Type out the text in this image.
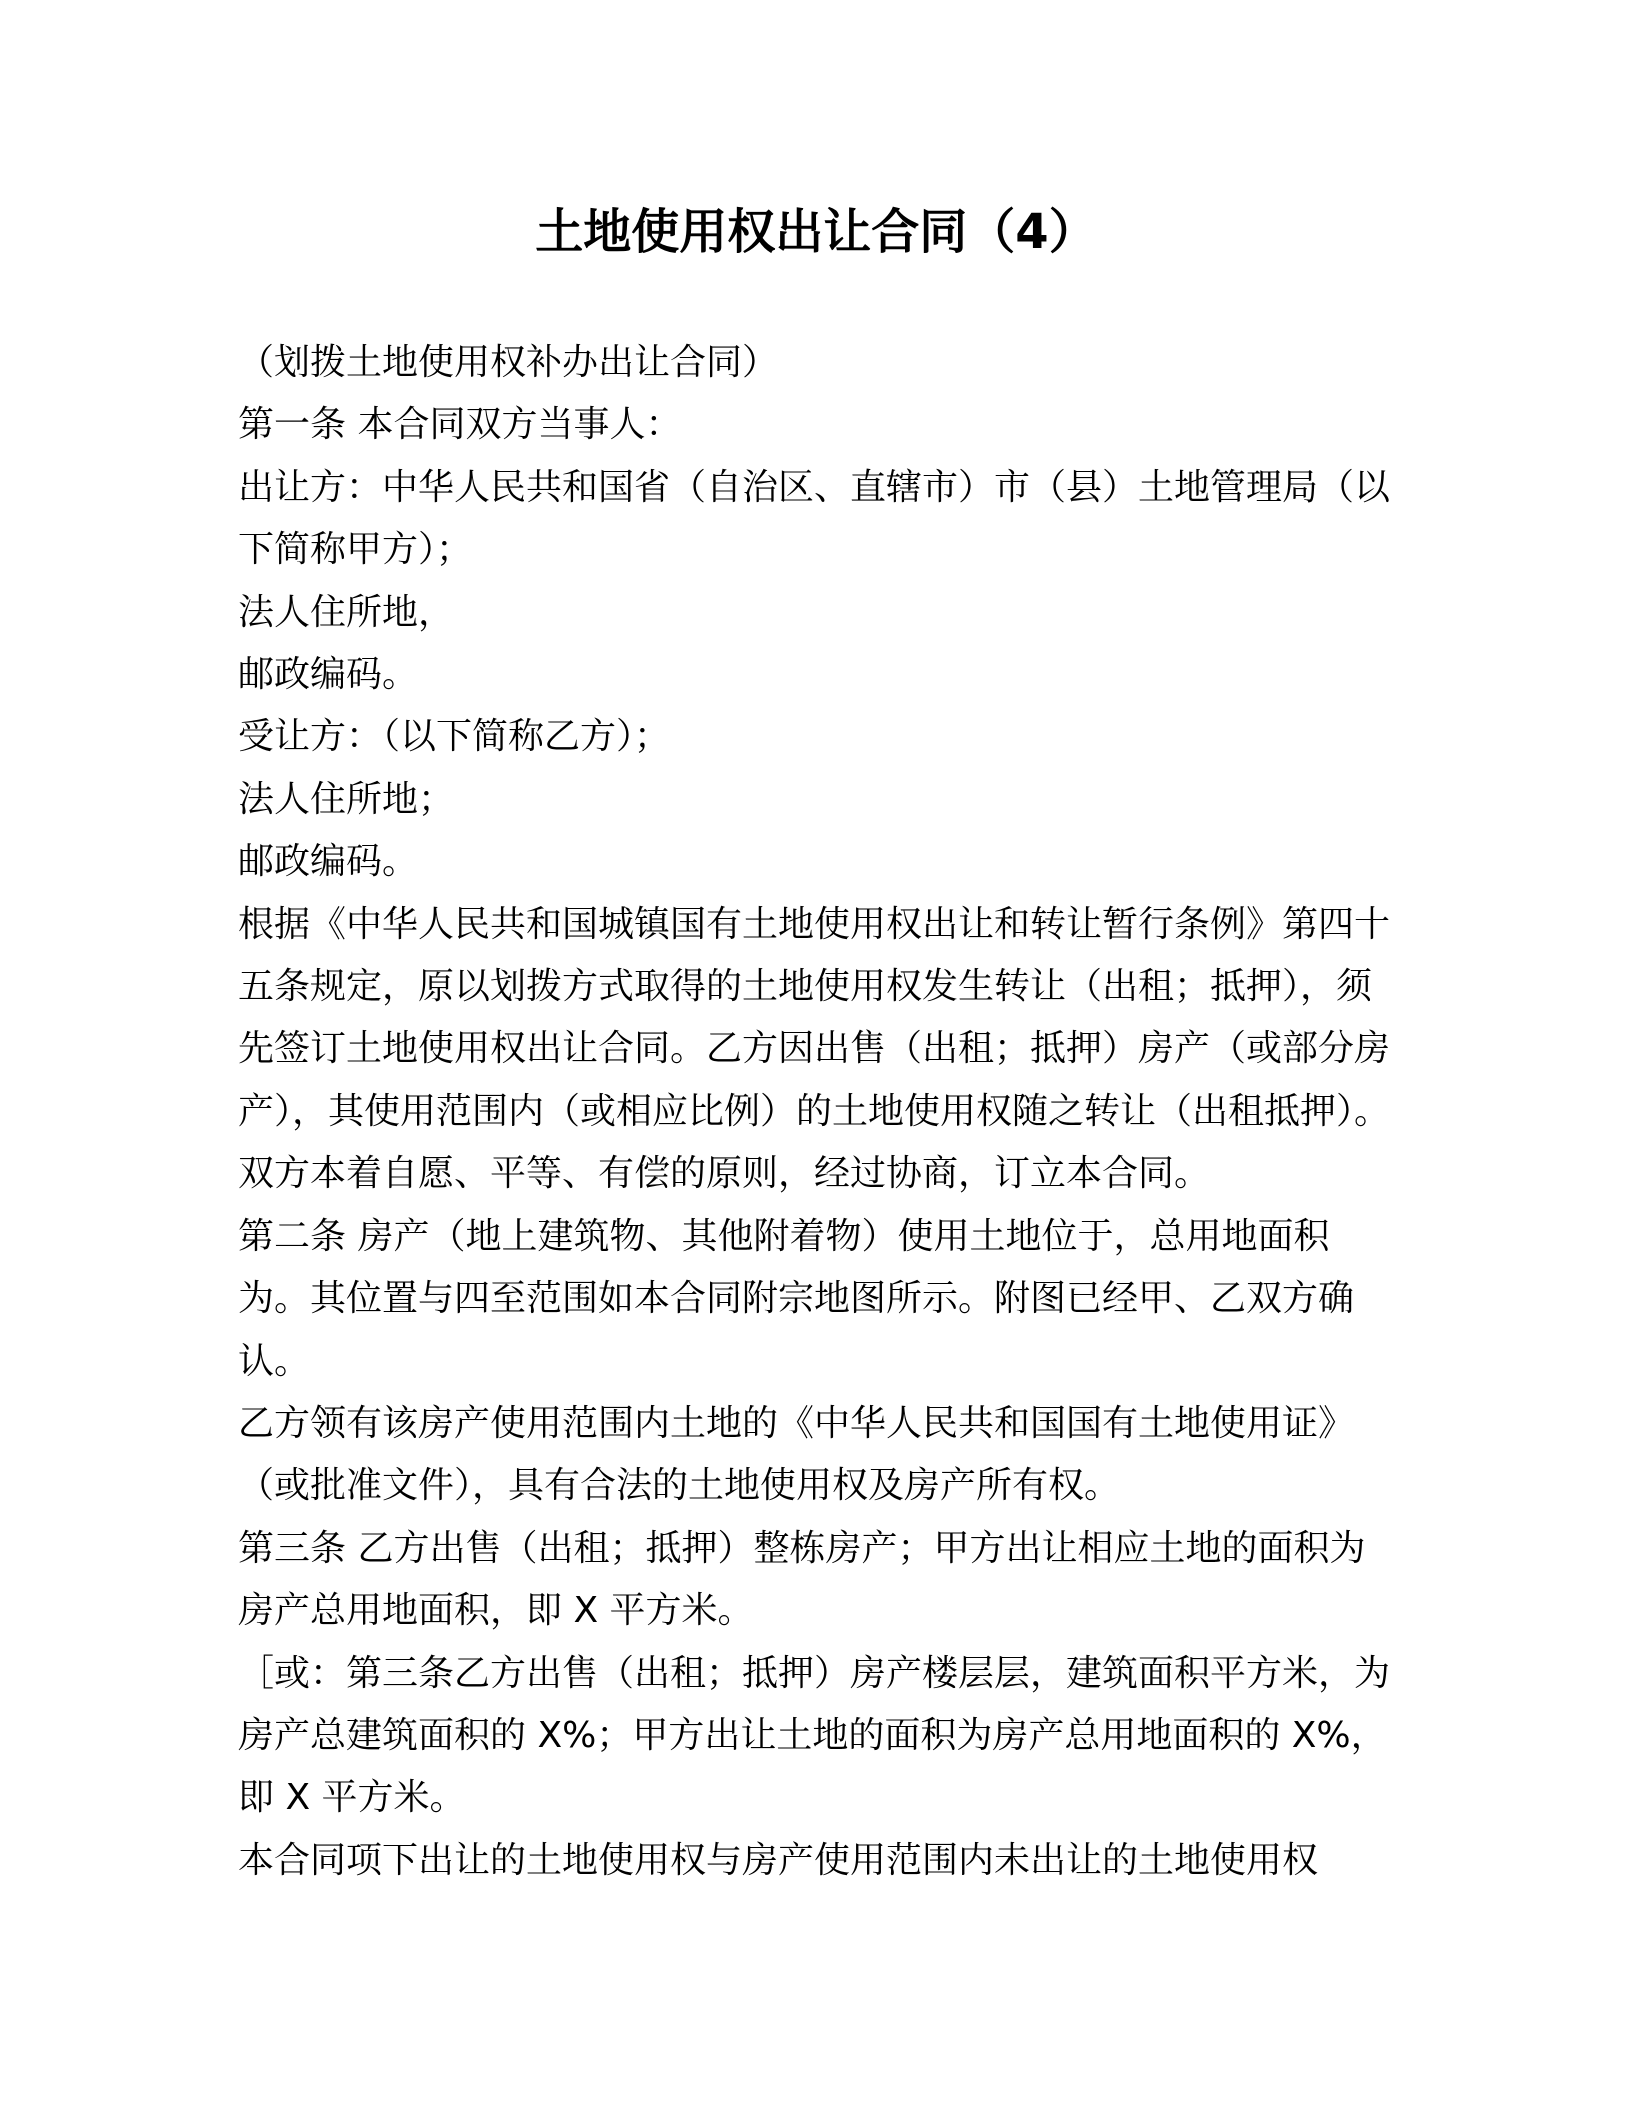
土地使用权出让合同（4）

（划拨土地使用权补办出让合同）

第一条 本合同双方当事人：

出让方：中华人民共和国省（自治区、直辖市）市（县）土地管理局（以下简称甲方）；

法人住所地，

邮政编码。

受让方：（以下简称乙方）；

法人住所地；

邮政编码。

根据《中华人民共和国城镇国有土地使用权出让和转让暂行条例》第四十五条规定，原以划拨方式取得的土地使用权发生转让（出租；抵押），须先签订土地使用权出让合同。乙方因出售（出租；抵押）房产（或部分房产），其使用范围内（或相应比例）的土地使用权随之转让（出租抵押）。双方本着自愿、平等、有偿的原则，经过协商，订立本合同。

第二条 房产（地上建筑物、其他附着物）使用土地位于，总用地面积为。其位置与四至范围如本合同附宗地图所示。附图已经甲、乙双方确认。

乙方领有该房产使用范围内土地的《中华人民共和国国有土地使用证》（或批准文件），具有合法的土地使用权及房产所有权。

第三条 乙方出售（出租；抵押）整栋房产；甲方出让相应土地的面积为房产总用地面积，即 X 平方米。

［或：第三条乙方出售（出租；抵押）房产楼层层，建筑面积平方米，为房产总建筑面积的 X%；甲方出让土地的面积为房产总用地面积的 X%，即 X 平方米。

本合同项下出让的土地使用权与房产使用范围内未出让的土地使用权
